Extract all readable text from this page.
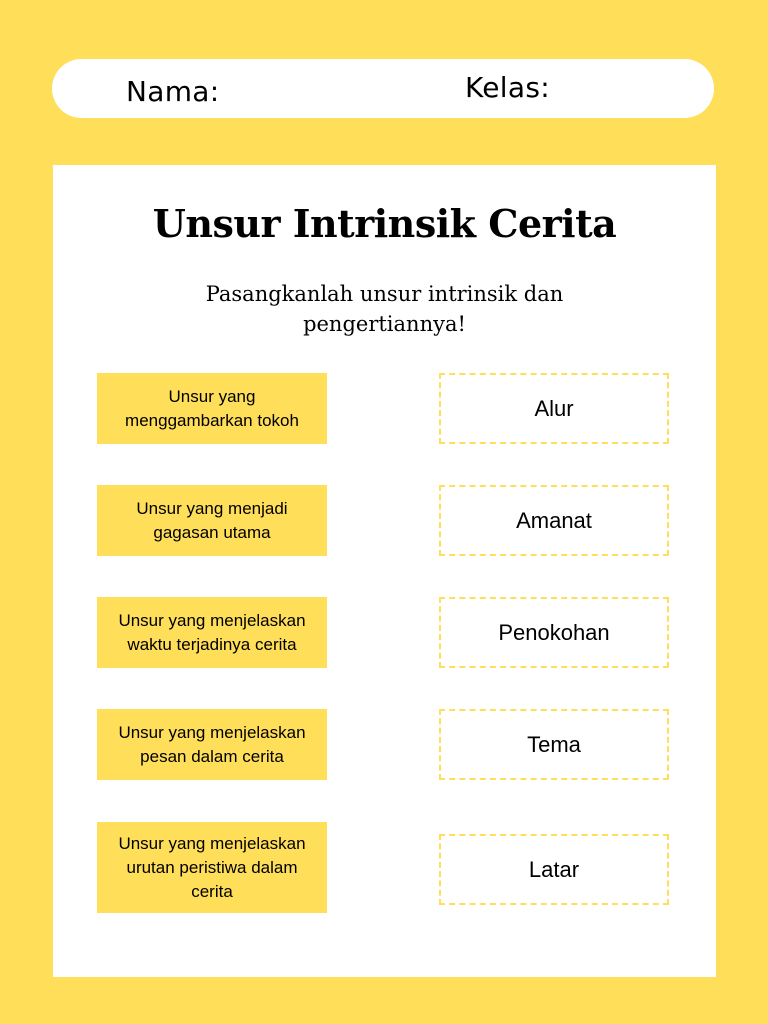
Nama:	Kelas:
Unsur Intrinsik Cerita
Pasangkanlah unsur intrinsik dan pengertiannya!
Unsur yang menggambarkan tokoh
Unsur yang menjadi gagasan utama
Unsur yang menjelaskan waktu terjadinya cerita
Unsur yang menjelaskan pesan dalam cerita
Unsur yang menjelaskan urutan peristiwa dalam cerita
Alur
Amanat
Penokohan
Tema
Latar
